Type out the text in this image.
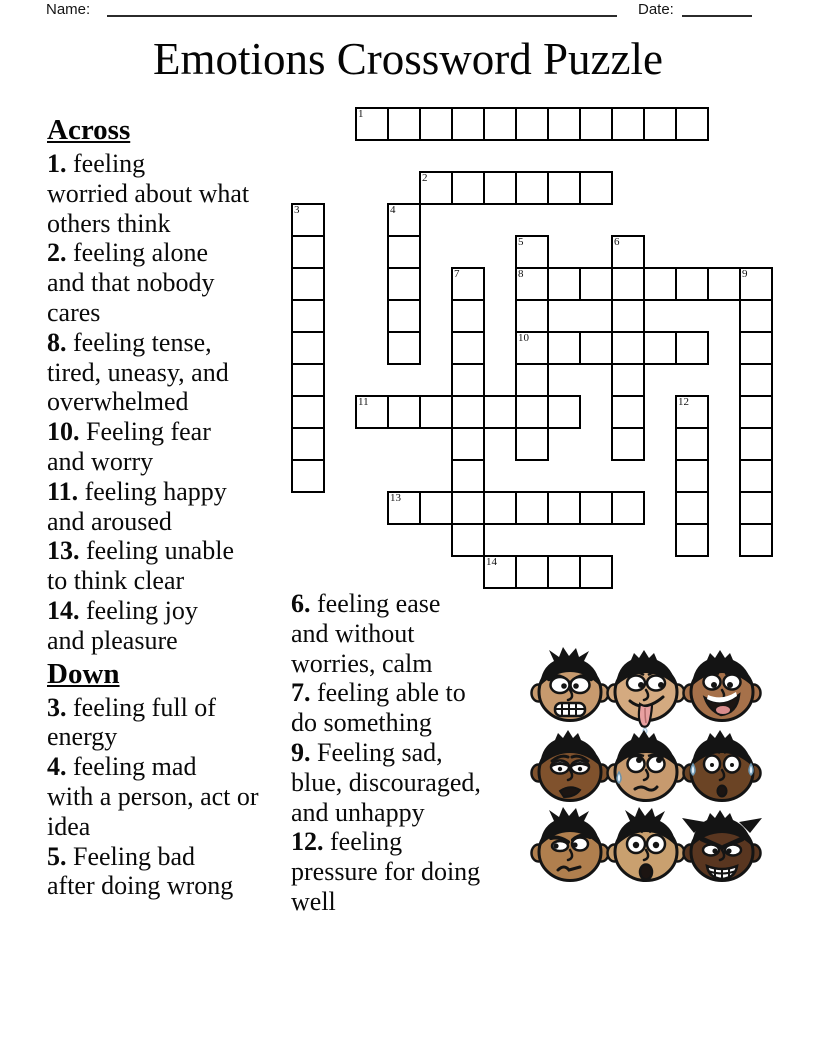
Name:	Date:
Emotions Crossword Puzzle
1
2
3	4
5
8
10
6
7	9
11	12
13
14
Across
1. feeling
worried about what
others think
2. feeling alone
and that nobody
cares
8. feeling tense,
tired, uneasy, and
overwhelmed
10. Feeling fear
and worry
11. feeling happy
and aroused
13. feeling unable
to think clear
14. feeling joy
and pleasure
Down
3. feeling full of
energy
4. feeling mad
with a person, act or
idea
5. Feeling bad
after doing wrong
6. feeling ease
and without
worries, calm
7. feeling able to
do something
9. Feeling sad,
blue, discouraged,
and unhappy
12. feeling
pressure for doing
well
